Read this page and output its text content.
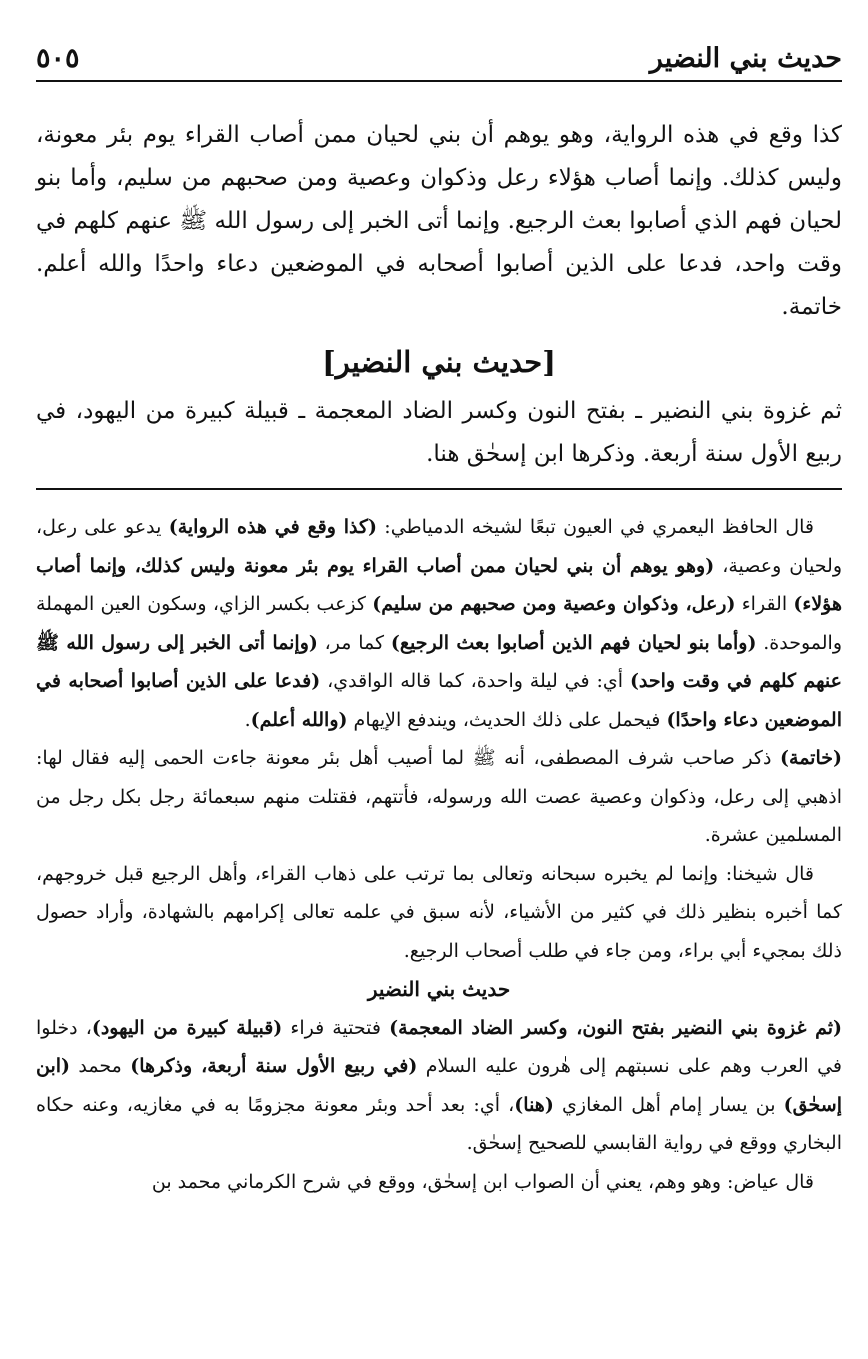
حديث بني النضير
٥٠٥

كذا وقع في هذه الرواية، وهو يوهم أن بني لحيان ممن أصاب القراء يوم بئر معونة، وليس كذلك. وإنما أصاب هؤلاء رعل وذكوان وعصية ومن صحبهم من سليم، وأما بنو لحيان فهم الذي أصابوا بعث الرجيع. وإنما أتى الخبر إلى رسول الله ﷺ عنهم كلهم في وقت واحد، فدعا على الذين أصابوا أصحابه في الموضعين دعاء واحدًا والله أعلم. خاتمة.

[حديث بني النضير]

ثم غزوة بني النضير ـ بفتح النون وكسر الضاد المعجمة ـ قبيلة كبيرة من اليهود، في ربيع الأول سنة أربعة. وذكرها ابن إسحٰق هنا.

قال الحافظ اليعمري في العيون تبعًا لشيخه الدمياطي: (كذا وقع في هذه الرواية) يدعو على رعل، ولحيان وعصية، (وهو يوهم أن بني لحيان ممن أصاب القراء يوم بئر معونة وليس كذلك، وإنما أصاب هؤلاء) القراء (رعل، وذكوان وعصية ومن صحبهم من سليم) كزعب بكسر الزاي، وسكون العين المهملة والموحدة. (وأما بنو لحيان فهم الذين أصابوا بعث الرجيع) كما مر، (وإنما أتى الخبر إلى رسول الله ﷺ عنهم كلهم في وقت واحد) أي: في ليلة واحدة، كما قاله الواقدي، (فدعا على الذين أصابوا أصحابه في الموضعين دعاء واحدًا) فيحمل على ذلك الحديث، ويندفع الإيهام (والله أعلم).

(خاتمة) ذكر صاحب شرف المصطفى، أنه ﷺ لما أصيب أهل بئر معونة جاءت الحمى إليه فقال لها: اذهبي إلى رعل، وذكوان وعصية عصت الله ورسوله، فأتتهم، فقتلت منهم سبعمائة رجل بكل رجل من المسلمين عشرة.

قال شيخنا: وإنما لم يخبره سبحانه وتعالى بما ترتب على ذهاب القراء، وأهل الرجيع قبل خروجهم، كما أخبره بنظير ذلك في كثير من الأشياء، لأنه سبق في علمه تعالى إكرامهم بالشهادة، وأراد حصول ذلك بمجيء أبي براء، ومن جاء في طلب أصحاب الرجيع.

حديث بني النضير

(ثم غزوة بني النضير بفتح النون، وكسر الضاد المعجمة) فتحتية فراء (قبيلة كبيرة من اليهود)، دخلوا في العرب وهم على نسبتهم إلى هٰرون عليه السلام (في ربيع الأول سنة أربعة، وذكرها) محمد (ابن إسحٰق) بن يسار إمام أهل المغازي (هنا)، أي: بعد أحد وبئر معونة مجزومًا به في مغازيه، وعنه حكاه البخاري ووقع في رواية القابسي للصحيح إسحٰق.

قال عياض: وهو وهم، يعني أن الصواب ابن إسحٰق، ووقع في شرح الكرماني محمد بن
